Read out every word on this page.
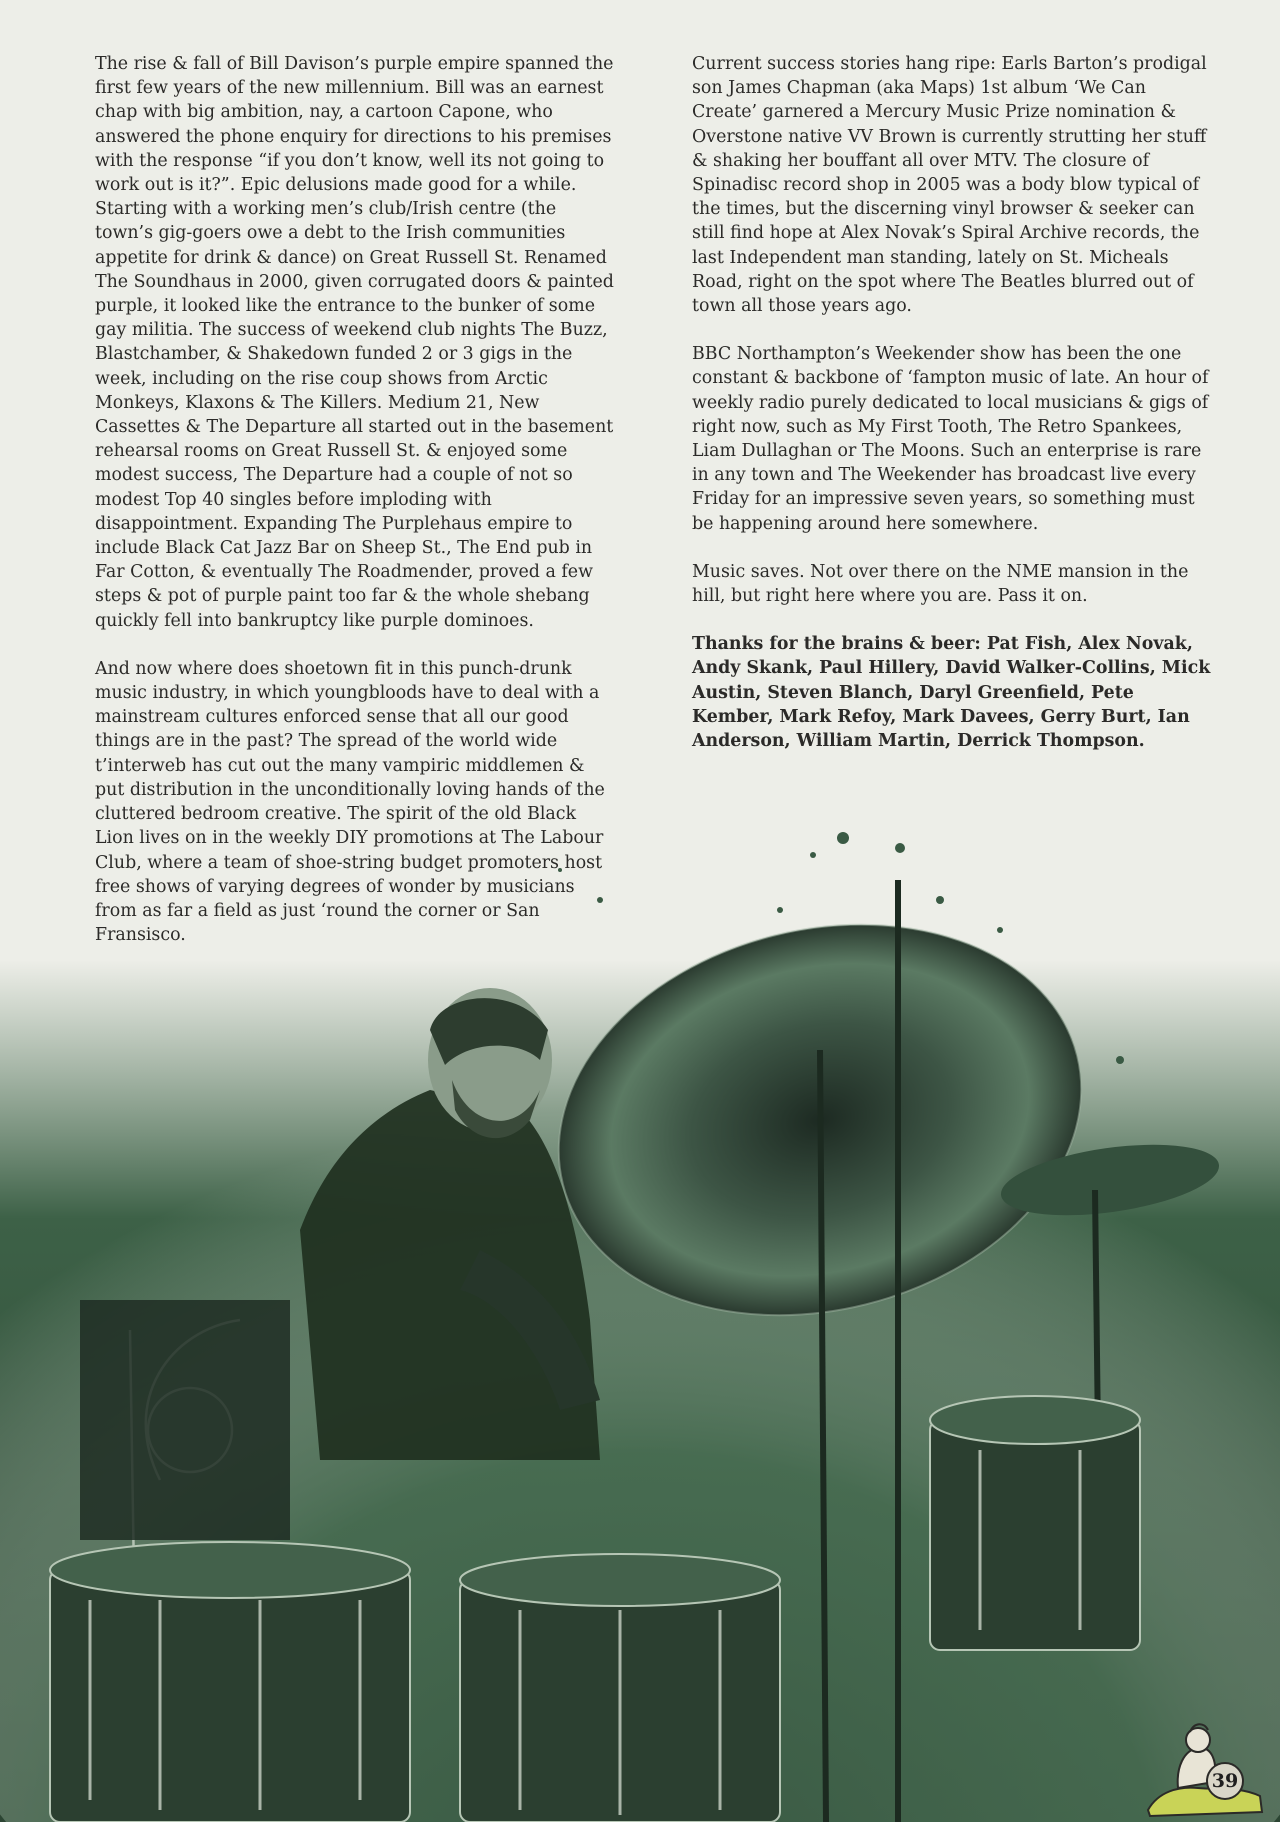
The rise & fall of Bill Davison’s purple empire spanned the first few years of the new millennium. Bill was an earnest chap with big ambition, nay, a cartoon Capone, who answered the phone enquiry for directions to his premises with the response “if you don’t know, well its not going to work out is it?”. Epic delusions made good for a while. Starting with a working men’s club/Irish centre (the town’s gig-goers owe a debt to the Irish communities appetite for drink & dance) on Great Russell St. Renamed The Soundhaus in 2000, given corrugated doors & painted purple, it looked like the entrance to the bunker of some gay militia. The success of weekend club nights The Buzz, Blastchamber, & Shakedown funded 2 or 3 gigs in the week, including on the rise coup shows from Arctic Monkeys, Klaxons & The Killers. Medium 21, New Cassettes & The Departure all started out in the basement rehearsal rooms on Great Russell St. & enjoyed some modest success, The Departure had a couple of not so modest Top 40 singles before imploding with disappointment. Expanding The Purplehaus empire to include Black Cat Jazz Bar on Sheep St., The End pub in Far Cotton, & eventually The Roadmender, proved a few steps & pot of purple paint too far & the whole shebang quickly fell into bankruptcy like purple dominoes.

And now where does shoetown fit in this punch-drunk music industry, in which youngbloods have to deal with a mainstream cultures enforced sense that all our good things are in the past? The spread of the world wide t’interweb has cut out the many vampiric middlemen & put distribution in the unconditionally loving hands of the cluttered bedroom creative. The spirit of the old Black Lion lives on in the weekly DIY promotions at The Labour Club, where a team of shoe-string budget promoters host free shows of varying degrees of wonder by musicians from as far a field as just ‘round the corner or San Fransisco.

Current success stories hang ripe: Earls Barton’s prodigal son James Chapman (aka Maps) 1st album ‘We Can Create’ garnered a Mercury Music Prize nomination & Overstone native VV Brown is currently strutting her stuff & shaking her bouffant all over MTV. The closure of Spinadisc record shop in 2005 was a body blow typical of the times, but the discerning vinyl browser & seeker can still find hope at Alex Novak’s Spiral Archive records, the last Independent man standing, lately on St. Micheals Road, right on the spot where The Beatles blurred out of town all those years ago.

BBC Northampton’s Weekender show has been the one constant & backbone of ‘fampton music of late. An hour of weekly radio purely dedicated to local musicians & gigs of right now, such as My First Tooth, The Retro Spankees, Liam Dullaghan or The Moons. Such an enterprise is rare in any town and The Weekender has broadcast live every Friday for an impressive seven years, so something must be happening around here somewhere.

Music saves. Not over there on the NME mansion in the hill, but right here where you are. Pass it on.

Thanks for the brains & beer: Pat Fish, Alex Novak, Andy Skank, Paul Hillery, David Walker-Collins, Mick Austin, Steven Blanch, Daryl Greenfield, Pete Kember, Mark Refoy, Mark Davees, Gerry Burt, Ian Anderson, William Martin, Derrick Thompson.

39
